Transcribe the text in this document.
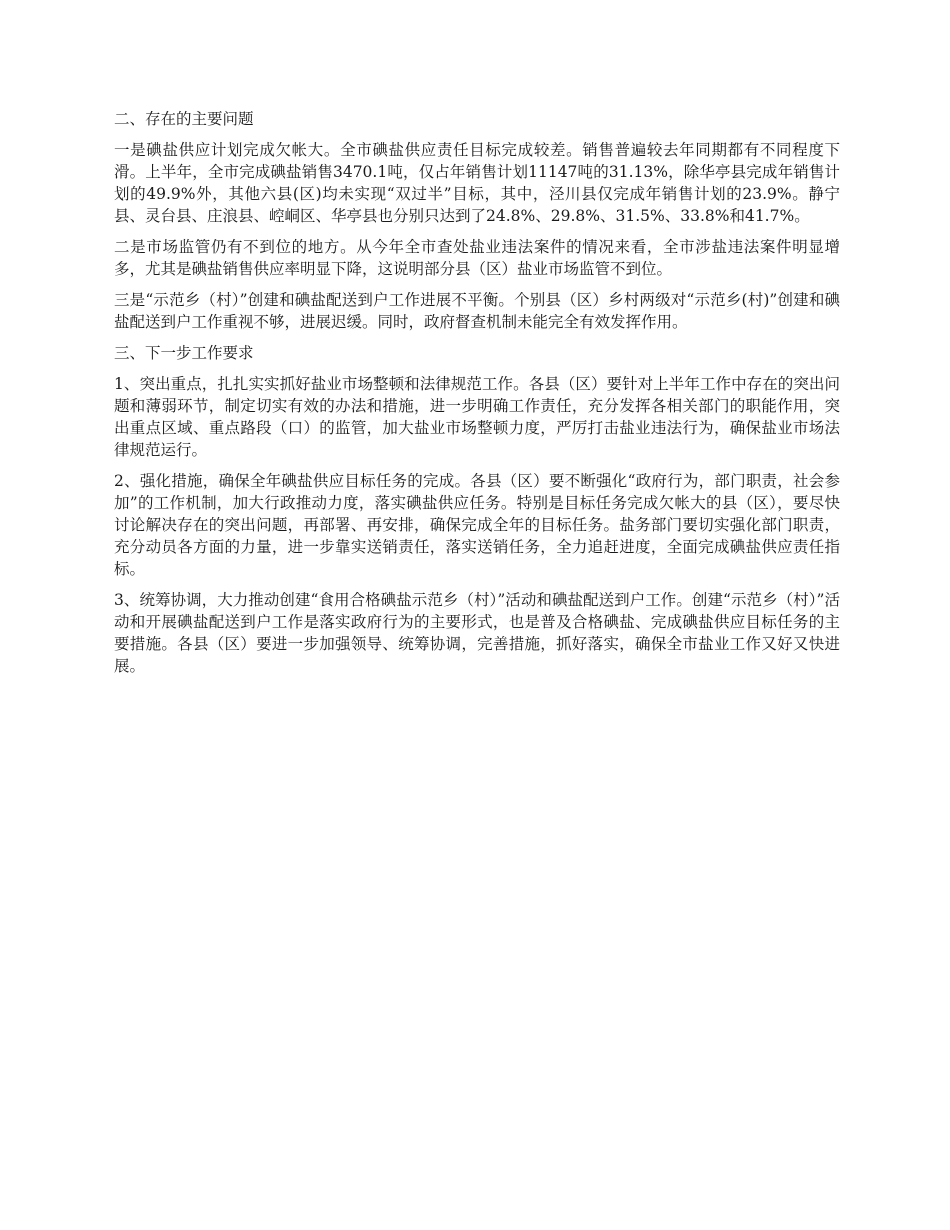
二、存在的主要问题

一是碘盐供应计划完成欠帐大。全市碘盐供应责任目标完成较差。销售普遍较去年同期都有不同程度下滑。上半年，全市完成碘盐销售3470.1吨，仅占年销售计划11147吨的31.13%，除华亭县完成年销售计划的49.9%外，其他六县(区)均未实现“双过半”目标，其中，泾川县仅完成年销售计划的23.9%。静宁县、灵台县、庄浪县、崆峒区、华亭县也分别只达到了24.8%、29.8%、31.5%、33.8%和41.7%。

二是市场监管仍有不到位的地方。从今年全市查处盐业违法案件的情况来看，全市涉盐违法案件明显增多，尤其是碘盐销售供应率明显下降，这说明部分县（区）盐业市场监管不到位。

三是“示范乡（村）”创建和碘盐配送到户工作进展不平衡。个别县（区）乡村两级对“示范乡(村)”创建和碘盐配送到户工作重视不够，进展迟缓。同时，政府督查机制未能完全有效发挥作用。

三、下一步工作要求

1、突出重点，扎扎实实抓好盐业市场整顿和法律规范工作。各县（区）要针对上半年工作中存在的突出问题和薄弱环节，制定切实有效的办法和措施，进一步明确工作责任，充分发挥各相关部门的职能作用，突出重点区域、重点路段（口）的监管，加大盐业市场整顿力度，严厉打击盐业违法行为，确保盐业市场法律规范运行。

2、强化措施，确保全年碘盐供应目标任务的完成。各县（区）要不断强化“政府行为，部门职责，社会参加”的工作机制，加大行政推动力度，落实碘盐供应任务。特别是目标任务完成欠帐大的县（区），要尽快讨论解决存在的突出问题，再部署、再安排，确保完成全年的目标任务。盐务部门要切实强化部门职责，充分动员各方面的力量，进一步靠实送销责任，落实送销任务，全力追赶进度，全面完成碘盐供应责任指标。

3、统筹协调，大力推动创建“食用合格碘盐示范乡（村）”活动和碘盐配送到户工作。创建“示范乡（村）”活动和开展碘盐配送到户工作是落实政府行为的主要形式，也是普及合格碘盐、完成碘盐供应目标任务的主要措施。各县（区）要进一步加强领导、统筹协调，完善措施，抓好落实，确保全市盐业工作又好又快进展。
